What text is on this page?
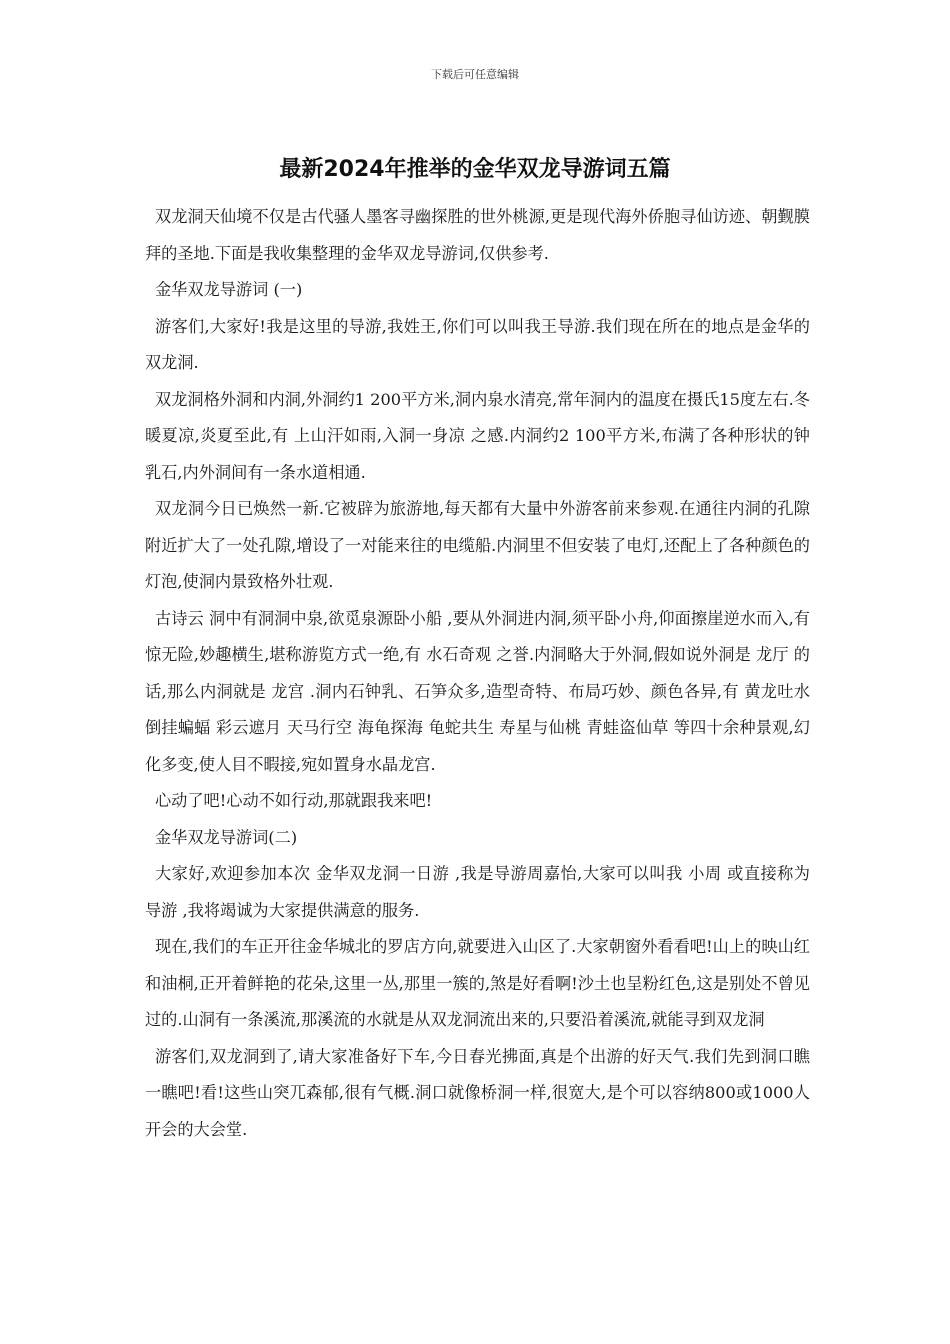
下载后可任意编辑
最新2024年推举的金华双龙导游词五篇

双龙洞天仙境不仅是古代骚人墨客寻幽探胜的世外桃源,更是现代海外侨胞寻仙访迹、朝觐膜拜的圣地.下面是我收集整理的金华双龙导游词,仅供参考.

金华双龙导游词 (一)

游客们,大家好!我是这里的导游,我姓王,你们可以叫我王导游.我们现在所在的地点是金华的双龙洞.

双龙洞格外洞和内洞,外洞约1 200平方米,洞内泉水清亮,常年洞内的温度在摄氏15度左右.冬暖夏凉,炎夏至此,有 上山汗如雨,入洞一身凉 之感.内洞约2 100平方米,布满了各种形状的钟乳石,内外洞间有一条水道相通.

双龙洞今日已焕然一新.它被辟为旅游地,每天都有大量中外游客前来参观.在通往内洞的孔隙附近扩大了一处孔隙,增设了一对能来往的电缆船.内洞里不但安装了电灯,还配上了各种颜色的灯泡,使洞内景致格外壮观.

古诗云 洞中有洞洞中泉,欲觅泉源卧小船 ,要从外洞进内洞,须平卧小舟,仰面擦崖逆水而入,有惊无险,妙趣横生,堪称游览方式一绝,有 水石奇观 之誉.内洞略大于外洞,假如说外洞是 龙厅 的话,那么内洞就是 龙宫 .洞内石钟乳、石笋众多,造型奇特、布局巧妙、颜色各异,有 黄龙吐水 倒挂蝙蝠 彩云遮月 天马行空 海龟探海 龟蛇共生 寿星与仙桃 青蛙盗仙草 等四十余种景观,幻化多变,使人目不暇接,宛如置身水晶龙宫.

心动了吧!心动不如行动,那就跟我来吧!

金华双龙导游词(二)

大家好,欢迎参加本次 金华双龙洞一日游 ,我是导游周嘉怡,大家可以叫我 小周 或直接称为 导游 ,我将竭诚为大家提供满意的服务.

现在,我们的车正开往金华城北的罗店方向,就要进入山区了.大家朝窗外看看吧!山上的映山红和油桐,正开着鲜艳的花朵,这里一丛,那里一簇的,煞是好看啊!沙土也呈粉红色,这是别处不曾见过的.山洞有一条溪流,那溪流的水就是从双龙洞流出来的,只要沿着溪流,就能寻到双龙洞

游客们,双龙洞到了,请大家准备好下车,今日春光拂面,真是个出游的好天气.我们先到洞口瞧一瞧吧!看!这些山突兀森郁,很有气概.洞口就像桥洞一样,很宽大,是个可以容纳800或1000人开会的大会堂.
